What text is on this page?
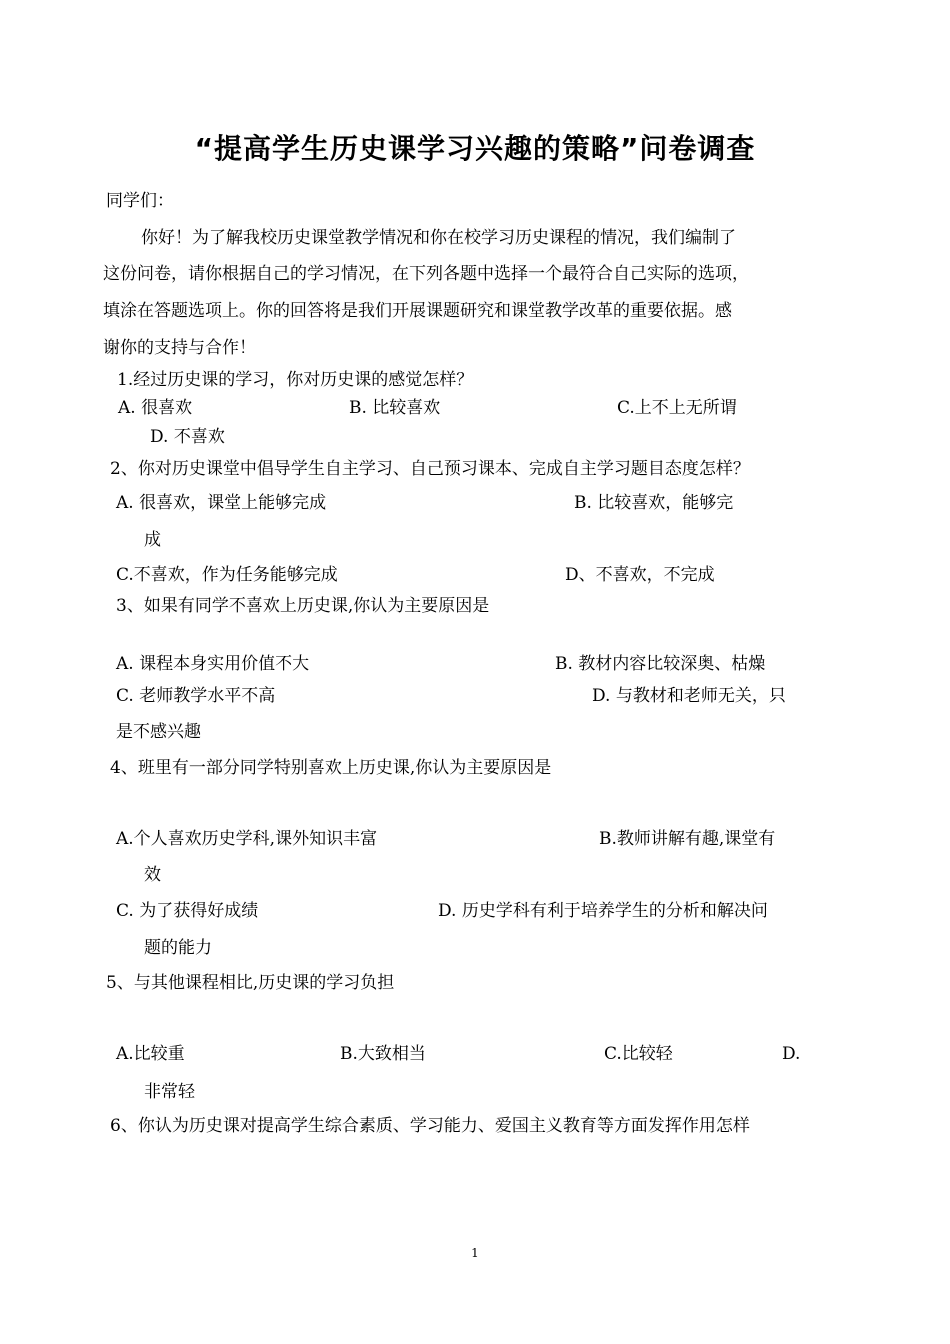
“提高学生历史课学习兴趣的策略”问卷调查
同学们：
你好！为了解我校历史课堂教学情况和你在校学习历史课程的情况，我们编制了
这份问卷，请你根据自己的学习情况，在下列各题中选择一个最符合自己实际的选项，
填涂在答题选项上。你的回答将是我们开展课题研究和课堂教学改革的重要依据。感
谢你的支持与合作！
1.经过历史课的学习，你对历史课的感觉怎样？
A. 很喜欢	B. 比较喜欢	C.上不上无所谓
D. 不喜欢
2、你对历史课堂中倡导学生自主学习、自己预习课本、完成自主学习题目态度怎样？
A. 很喜欢，课堂上能够完成	B. 比较喜欢，能够完
成
C.不喜欢，作为任务能够完成	D、不喜欢，不完成
3、如果有同学不喜欢上历史课,你认为主要原因是
A. 课程本身实用价值不大	B. 教材内容比较深奥、枯燥
C. 老师教学水平不高	D. 与教材和老师无关，只
是不感兴趣
4、班里有一部分同学特别喜欢上历史课,你认为主要原因是
A.个人喜欢历史学科,课外知识丰富	B.教师讲解有趣,课堂有
效
C. 为了获得好成绩	D. 历史学科有利于培养学生的分析和解决问
题的能力
5、与其他课程相比,历史课的学习负担
A.比较重	B.大致相当	C.比较轻	D.
非常轻
6、你认为历史课对提高学生综合素质、学习能力、爱国主义教育等方面发挥作用怎样
1
